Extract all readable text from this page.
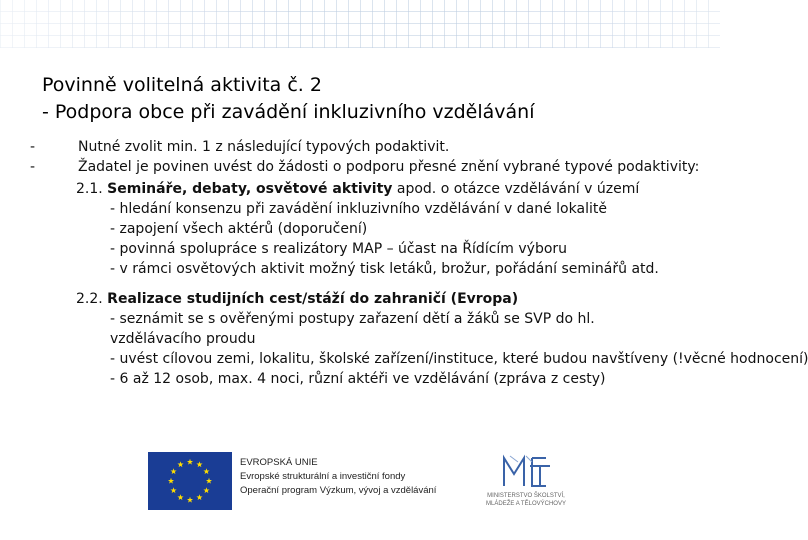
Povinně volitelná aktivita č. 2
- Podpora obce při zavádění inkluzivního vzdělávání
-	Nutné zvolit min. 1 z následující typových podaktivit.
-	Žadatel je povinen uvést do žádosti o podporu přesné znění vybrané typové podaktivity:
2.1. Semináře, debaty, osvětové aktivity apod. o otázce vzdělávání v území
- hledání konsenzu při zavádění inkluzivního vzdělávání v dané lokalitě
- zapojení všech aktérů (doporučení)
- povinná spolupráce s realizátory MAP – účast na Řídícím výboru
- v rámci osvětových aktivit možný tisk letáků, brožur, pořádání seminářů atd.
2.2. Realizace studijních cest/stáží do zahraničí (Evropa)
- seznámit se s ověřenými postupy zařazení dětí a žáků se SVP do hl. vzdělávacího proudu
- uvést cílovou zemi, lokalitu, školské zařízení/instituce, které budou navštíveny (!věcné hodnocení)
- 6 až 12 osob, max. 4 noci, různí aktéři ve vzdělávání (zpráva z cesty)
EVROPSKÁ UNIE
Evropské strukturální a investiční fondy
Operační program Výzkum, vývoj a vzdělávání	MINISTERSTVO ŠKOLSTVÍ,
MLÁDEŽE A TĚLOVÝCHOVY
